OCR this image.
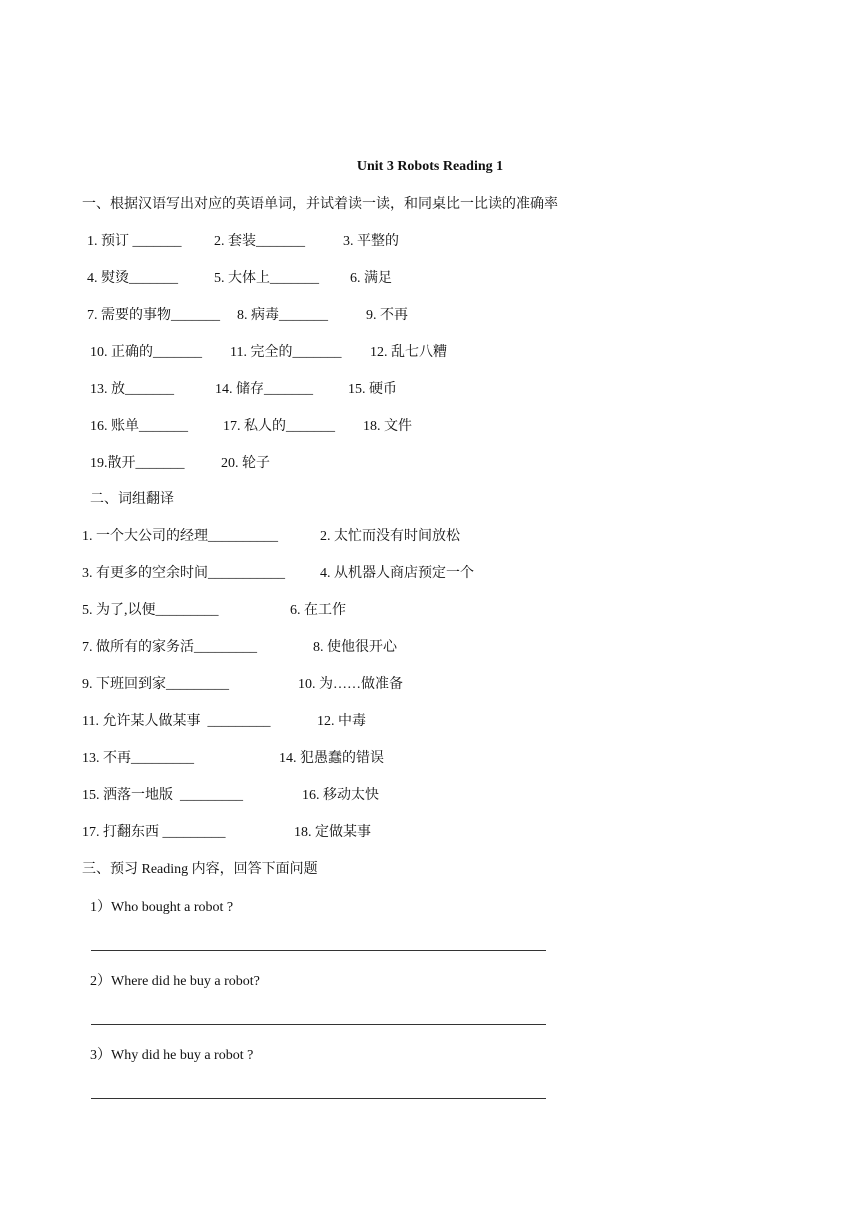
Unit 3 Robots Reading 1
一、根据汉语写出对应的英语单词，并试着读一读，和同桌比一比读的准确率
1. 预订 _______ 2. 套装_______	3. 平整的
4. 熨烫_______	5. 大体上_______ 6. 满足
7. 需要的事物_______ 8. 病毒_______	9. 不再
10. 正确的_______ 11. 完全的_______ 12. 乱七八糟
13. 放_______	14. 储存_______	15. 硬币
16. 账单_______	17. 私人的_______ 18. 文件
19.散开_______	20. 轮子
二、词组翻译
1. 一个大公司的经理__________	2. 太忙而没有时间放松
3. 有更多的空余时间___________	4. 从机器人商店预定一个
5. 为了,以便_________	6. 在工作
7. 做所有的家务活_________	8. 使他很开心
9. 下班回到家_________	10. 为……做准备
11. 允许某人做某事  _________	12. 中毒
13. 不再_________	14. 犯愚蠢的错误
15. 洒落一地版  _________	16. 移动太快
17. 打翻东西 _________	18. 定做某事
三、预习 Reading 内容，回答下面问题
1）Who bought a robot ?
2）Where did he buy a robot?
3）Why did he buy a robot ?
